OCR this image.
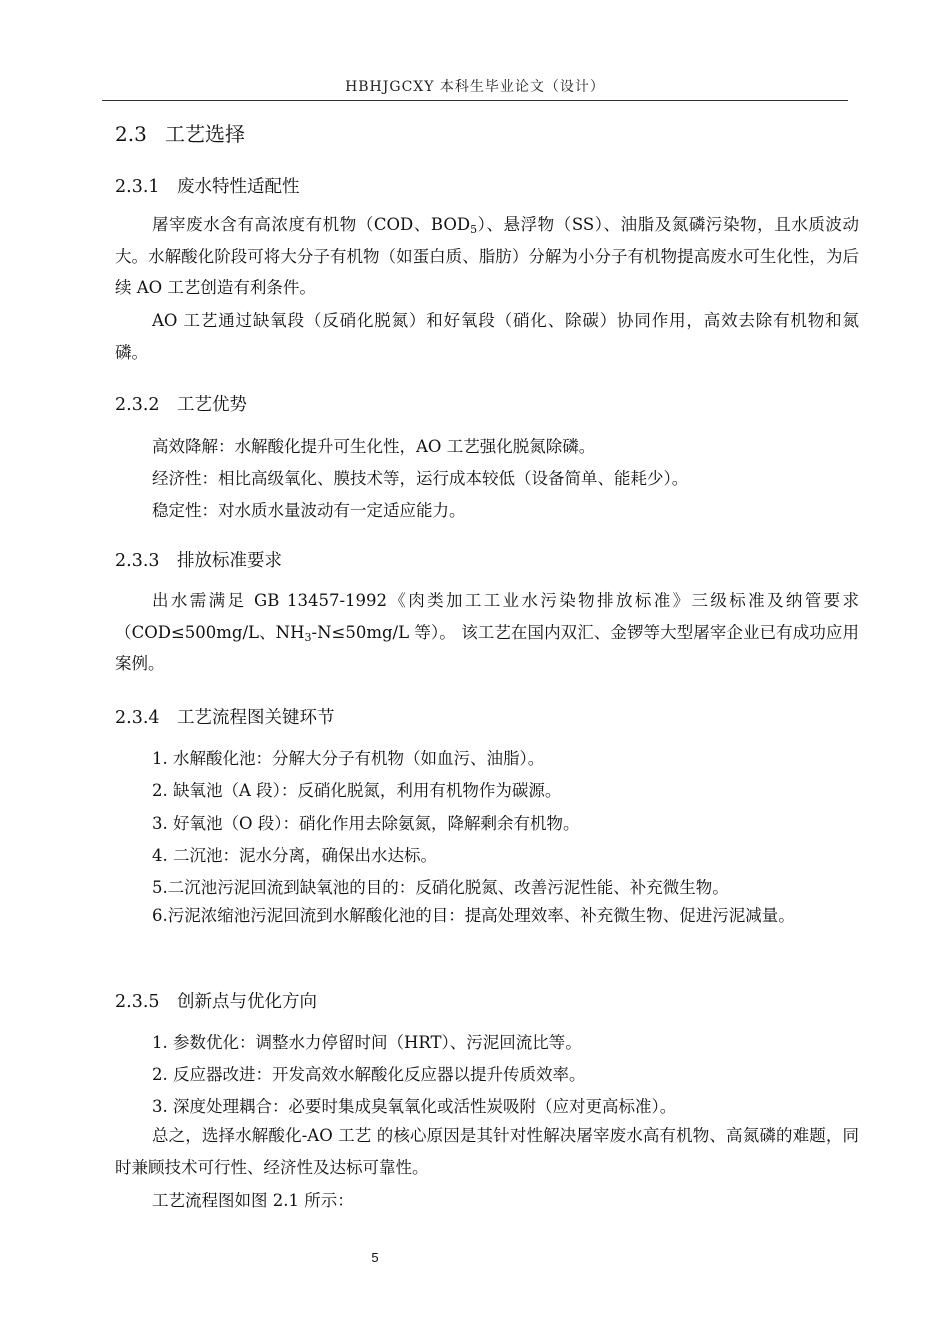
HBHJGCXY 本科生毕业论文（设计）
2.3 工艺选择
2.3.1 废水特性适配性
屠宰废水含有高浓度有机物（COD、$BOD_5$）、悬浮物（SS）、油脂及氮磷污染物，且水质波动大。水解酸化阶段可将大分子有机物（如蛋白质、脂肪）分解为小分子有机物提高废水可生化性，为后续 AO 工艺创造有利条件。
AO 工艺通过缺氧段（反硝化脱氮）和好氧段（硝化、除碳）协同作用，高效去除有机物和氮磷。
2.3.2 工艺优势
高效降解：水解酸化提升可生化性，AO 工艺强化脱氮除磷。
经济性：相比高级氧化、膜技术等，运行成本较低（设备简单、能耗少）。
稳定性：对水质水量波动有一定适应能力。
2.3.3 排放标准要求
出水需满足 GB 13457-1992《肉类加工工业水污染物排放标准》三级标准及纳管要求（COD≤500mg/L、$NH_3-N\le 50mg/L$ 等）。 该工艺在国内双汇、金锣等大型屠宰企业已有成功应用案例。
2.3.4 工艺流程图关键环节
1. 水解酸化池：分解大分子有机物（如血污、油脂）。
2. 缺氧池（A 段）：反硝化脱氮，利用有机物作为碳源。
3. 好氧池（O 段）：硝化作用去除氨氮，降解剩余有机物。
4. 二沉池：泥水分离，确保出水达标。
5.二沉池污泥回流到缺氧池的目的：反硝化脱氮、改善污泥性能、补充微生物。
6.污泥浓缩池污泥回流到水解酸化池的目：提高处理效率、补充微生物、促进污泥减量。
2.3.5 创新点与优化方向
1. 参数优化：调整水力停留时间（HRT）、污泥回流比等。
2. 反应器改进：开发高效水解酸化反应器以提升传质效率。
3. 深度处理耦合：必要时集成臭氧氧化或活性炭吸附（应对更高标准）。
总之，选择水解酸化-AO 工艺 的核心原因是其针对性解决屠宰废水高有机物、高氮磷的难题，同时兼顾技术可行性、经济性及达标可靠性。
工艺流程图如图 2.1 所示：
5
